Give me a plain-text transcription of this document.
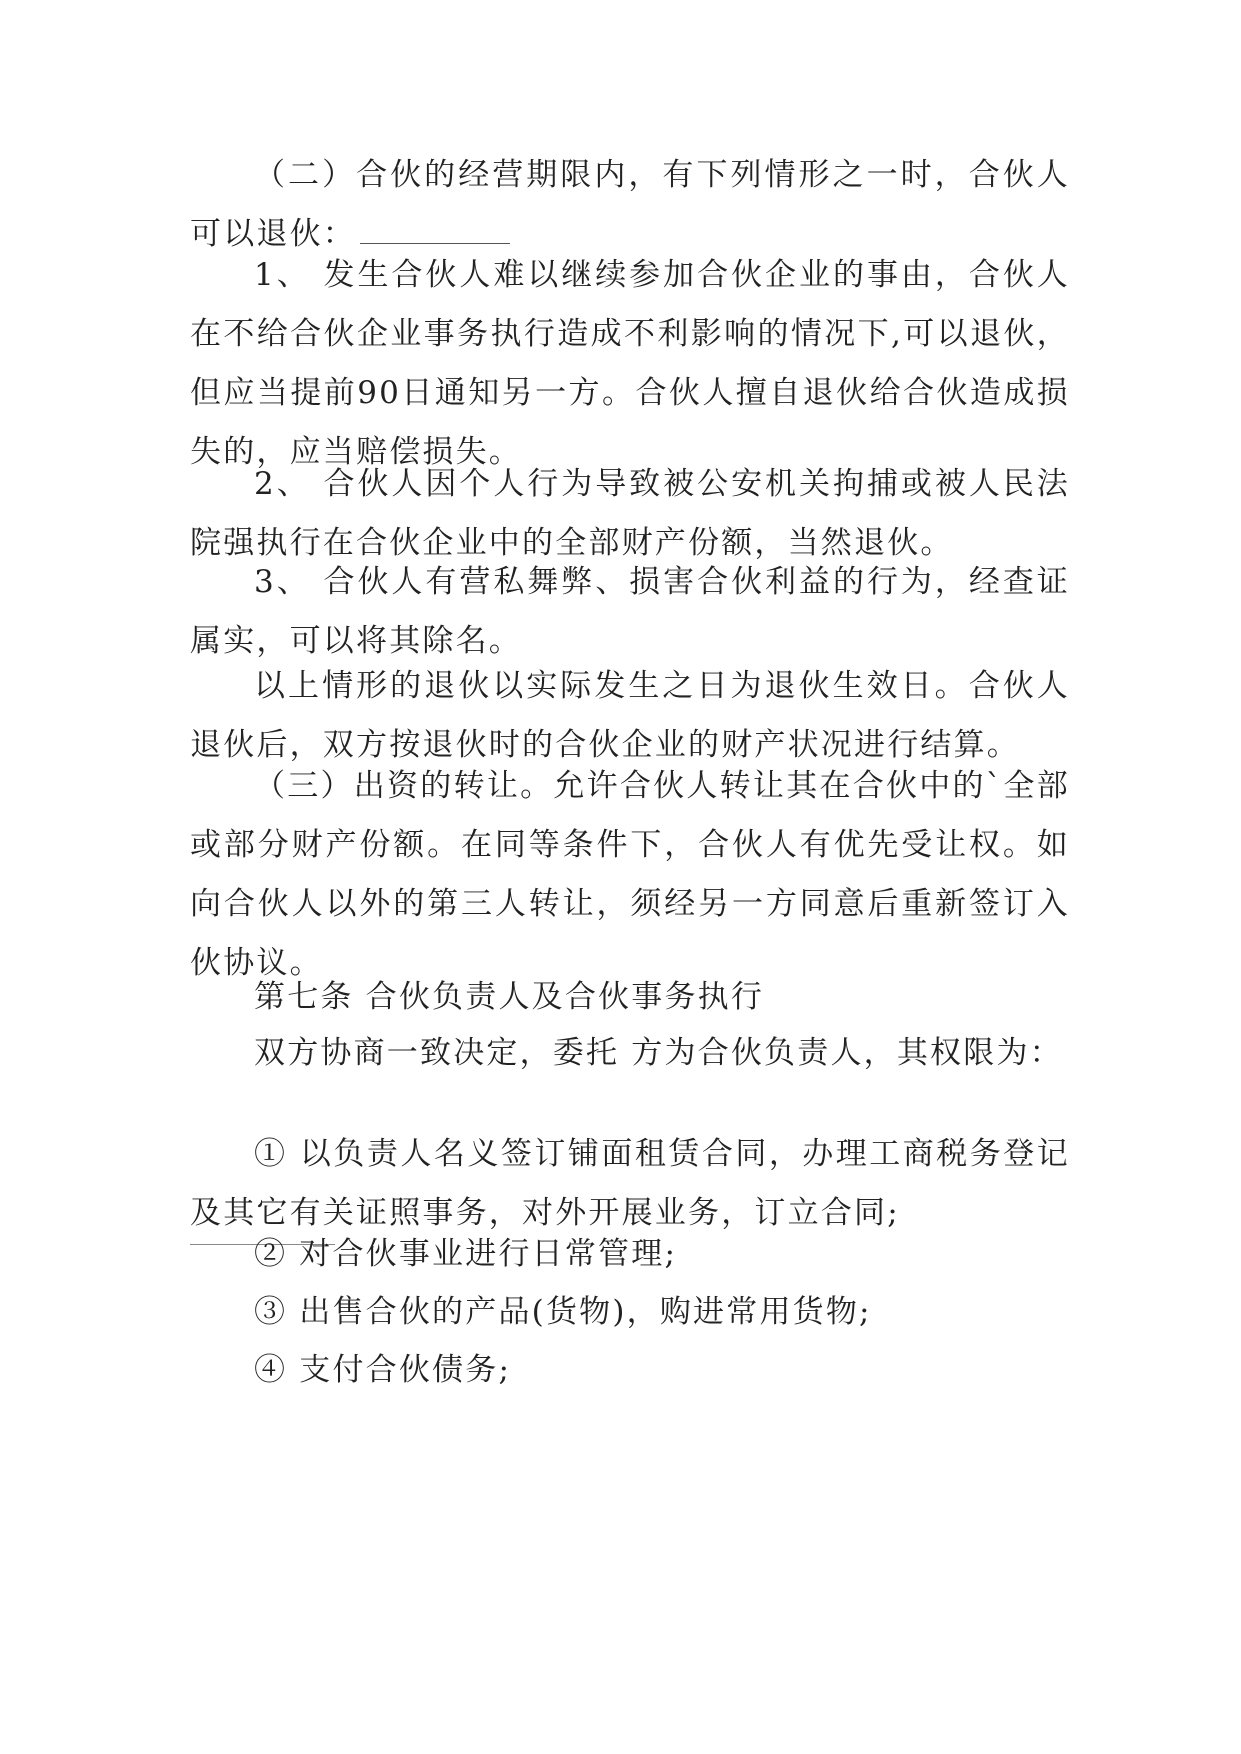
（二）合伙的经营期限内，有下列情形之一时，合伙人可以退伙：

1、 发生合伙人难以继续参加合伙企业的事由，合伙人在不给合伙企业事务执行造成不利影响的情况下,可以退伙，但应当提前90日通知另一方。合伙人擅自退伙给合伙造成损失的，应当赔偿损失。

2、 合伙人因个人行为导致被公安机关拘捕或被人民法院强执行在合伙企业中的全部财产份额，当然退伙。

3、 合伙人有营私舞弊、损害合伙利益的行为，经查证属实，可以将其除名。

以上情形的退伙以实际发生之日为退伙生效日。合伙人退伙后，双方按退伙时的合伙企业的财产状况进行结算。

（三）出资的转让。允许合伙人转让其在合伙中的`全部或部分财产份额。在同等条件下，合伙人有优先受让权。如向合伙人以外的第三人转让，须经另一方同意后重新签订入伙协议。

第七条 合伙负责人及合伙事务执行

双方协商一致决定，委托 方为合伙负责人，其权限为：

① 以负责人名义签订铺面租赁合同，办理工商税务登记及其它有关证照事务，对外开展业务，订立合同;

② 对合伙事业进行日常管理;

③ 出售合伙的产品(货物)，购进常用货物;

④ 支付合伙债务;
